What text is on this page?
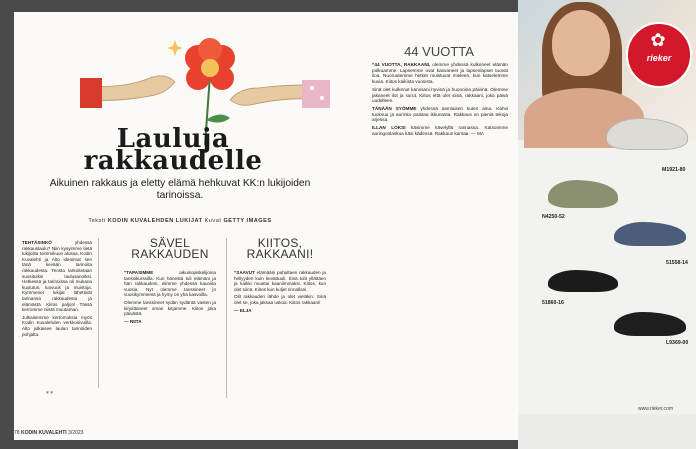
Lauluja
rakkaudelle
Aikuinen rakkaus ja eletty elämä hehkuvat KK:n lukijoiden tarinoissa.
Teksti KODIN KUVALEHDEN LUKIJAT Kuvat GETTY IMAGES

TEHTÄSINKÖ	yhdessä rakkauslaulu? Niin kysyimme tietä lukijoilta toimmikuun alussa. Kodin Kuvalehti ja Alto ideoimat sen tänä kevään tarinoita rakkaudesta. Teosta tarkoitetaan suosituiksi laulusanoiksi. Hetkessä ja tarinoissa oli mukana kuulutus, luovuus ja muistoja. Kymmenet lukijat lähettivät tarinansa rakkaudesta ja elämästä. Kiitos paljon! Tässä kerromme niistä muutaman.

Julkaisemme kertomuksia myös Kodin Kuvalehden verkkosivuilla. Alto julkaisee laulun tarinoiden pohjalta.

♥ ♥
SÄVEL
RAKKAUDEN

”TAPASIMME	aikuisopiskelijoina tanssikurssilla. Kun hänestä tuli elämäni ja hän rakkaudeni, elimme yhdessä kauniita vuosia. Nyt olemme tanssineet jo vuosikymmeniä ja hymy on yhä kasvoilla.

Olemme tanssineet sydän sydäntä vasten ja kirjoittaneet oman kirjamme. Kiitos joka päivästä.

— RIITA

KIITOS,
RAKKAANI!

”SAAVUT elämääni puhaltaen rakkauden ja hellyyden kuin kevättuuli. Sinä tulit yllättäen ja kaikki muuttui kauniimmaksi. Kiitos, kun olet siinä. Kiitos kun kuljet rinnallani.

Olit rakkauden lähde ja olet vieläkin. Sinä olet se, joka jaksaa uskoa. Kiitos rakkaani!

— ELJA

78 KODIN KUVALEHTI 3/2023
44 VUOTTA

”44 VUOTTA, RAKKAANI, olemme yhdessä kulkeneet elämän polkuamme. Lapsemme ovat kasvaneet ja lapsenlapset tuovat iloa. Nuoruutemme hetket muistuvat mieleen, kun katselemme kuvia. Kiitos kaikista vuosista.

Sinä olet kulkenut kanssani hyvinä ja huonoina päivinä. Olemme jakaneet ilot ja surut. Kiitos että olet siinä, rakkaani, joka päivä uudelleen.

TÄNÄÄN SYÖMME yhdessä aamiaisen kuten aina. Kahvi tuoksuu ja aurinko paistaa ikkunasta. Rakkaus on pieniä tekoja arjessa.

ILLAN LOKSI kävimme kävelyllä rannassa. Katsoimme auringonlaskua käsi kädessä. Rakkaus kantaa. — MA

✿
rieker
M1921-80
N4250-52
51558-14
51860-16
L9369-00
www.rieker.com
